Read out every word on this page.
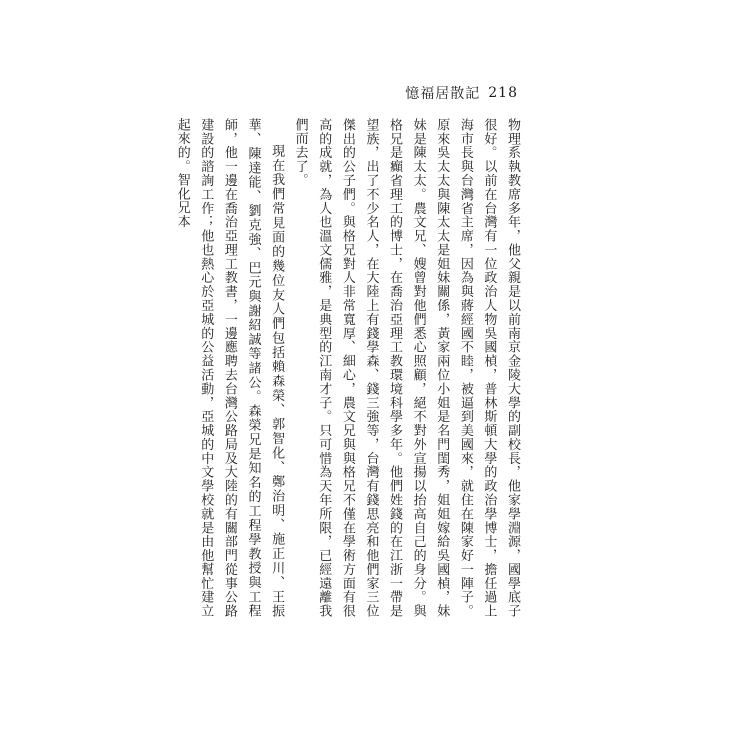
憶福居散記 218

物理系執教席多年，他父親是以前南京金陵大學的副校長，他家學淵源，國學底子很好。以前在台灣有一位政治人物吳國楨，普林斯頓大學的政治學博士，擔任過上海市長與台灣省主席，因為與蔣經國不睦，被逼到美國來，就住在陳家好一陣子。原來吳太太與陳太太是姐妹關係，黃家兩位小姐是名門閨秀，姐姐嫁給吳國楨，妹妹是陳太太。農文兄、嫂曾對他們悉心照顧，絕不對外宣揚以抬高自己的身分。與格兄是癲省理工的博士，在喬治亞理工教環境科學多年。他們姓錢的在江浙一帶是望族，出了不少名人，在大陸上有錢學森、錢三強等，台灣有錢思亮和他們家三位傑出的公子們。與格兄對人非常寬厚、細心，農文兄與與格兄不僅在學術方面有很高的成就，為人也溫文儒雅，是典型的江南才子。只可惜為天年所限，已經遠離我們而去了。

現在我們常見面的幾位友人們包括賴森榮、郭智化、鄭治明、施正川、王振華、陳達能、劉克強、巴元與謝紹誠等諸公。森榮兄是知名的工程學教授與工程師，他一邊在喬治亞理工教書，一邊應聘去台灣公路局及大陸的有關部門從事公路建設的諮詢工作；他也熱心於亞城的公益活動，亞城的中文學校就是由他幫忙建立起來的。智化兄本
